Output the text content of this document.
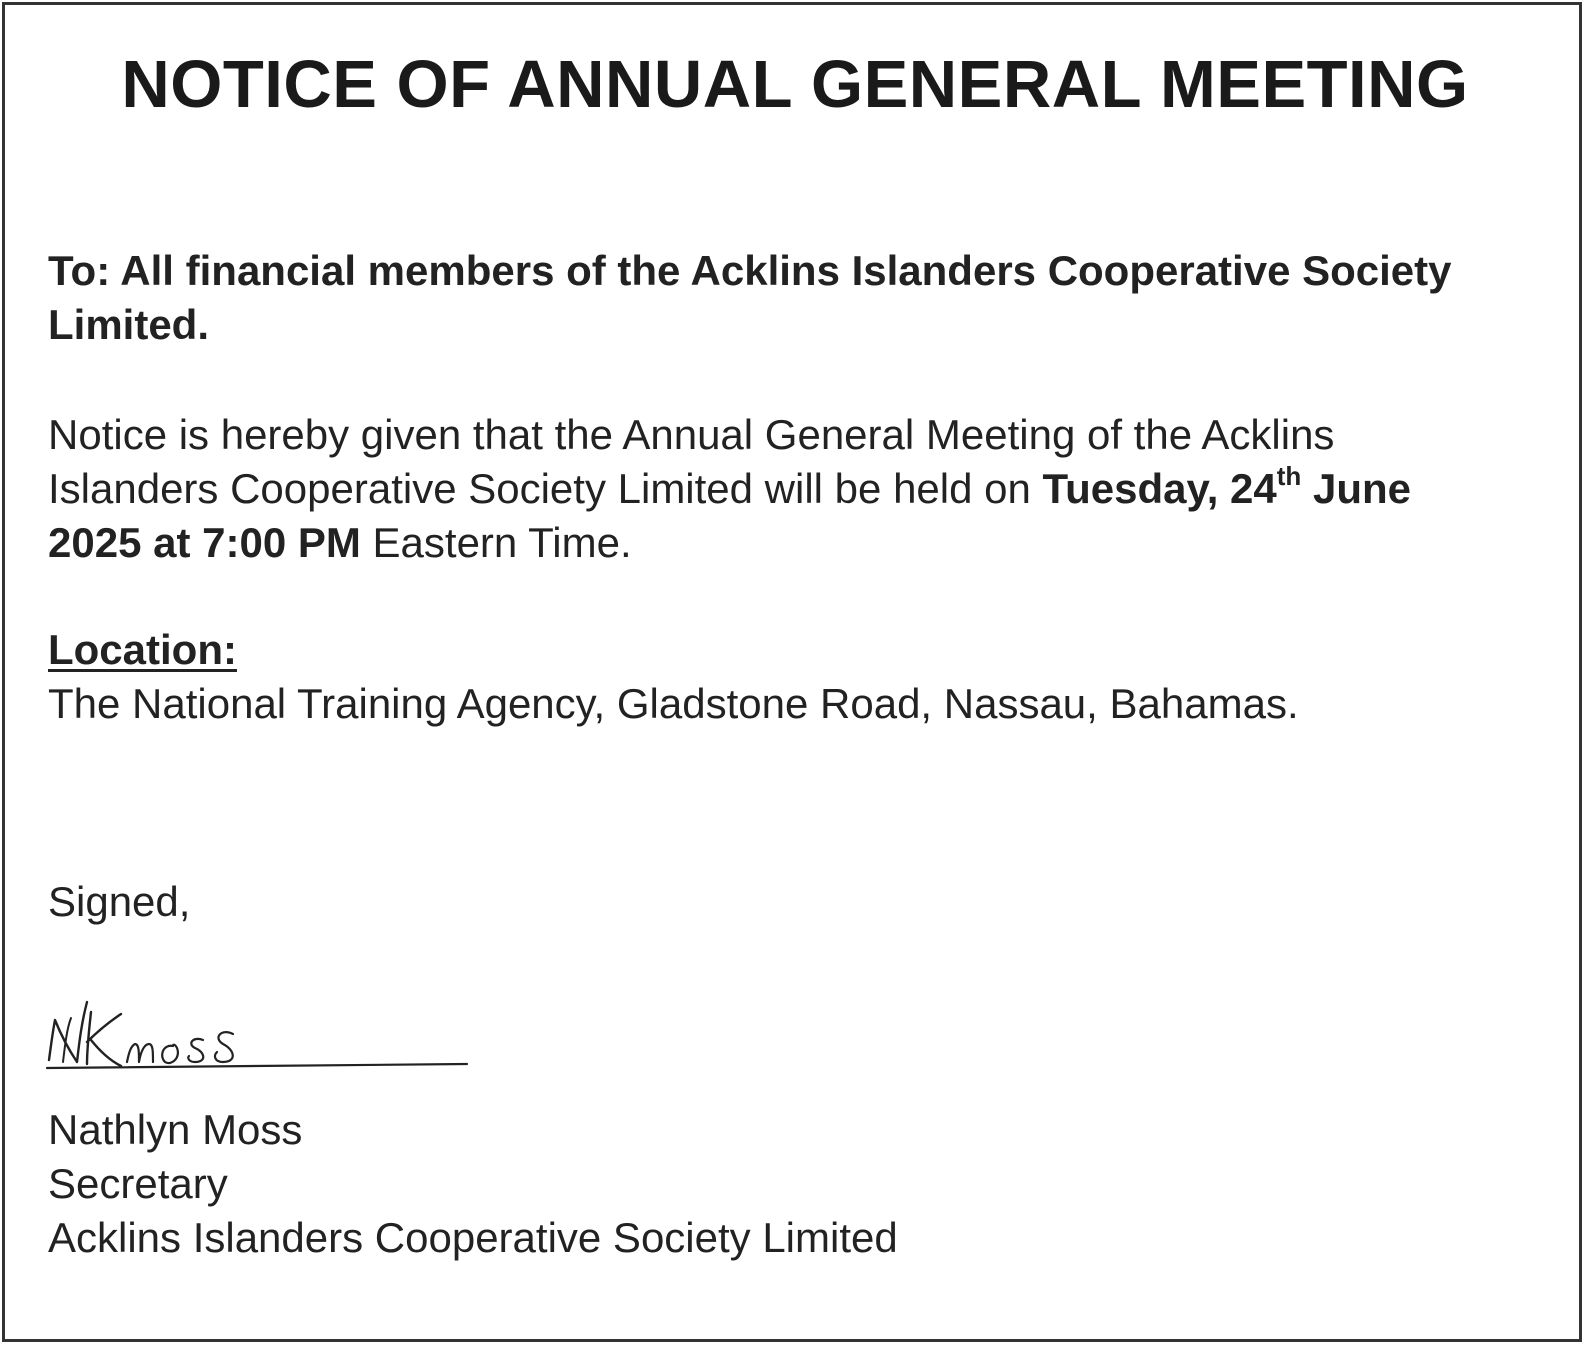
NOTICE OF ANNUAL GENERAL MEETING
To: All financial members of the Acklins Islanders Cooperative Society Limited.
Notice is hereby given that the Annual General Meeting of the Acklins Islanders Cooperative Society Limited will be held on Tuesday, 24th June 2025 at 7:00 PM Eastern Time.
Location:
The National Training Agency, Gladstone Road, Nassau, Bahamas.
Signed,
Nathlyn Moss
Secretary
Acklins Islanders Cooperative Society Limited
